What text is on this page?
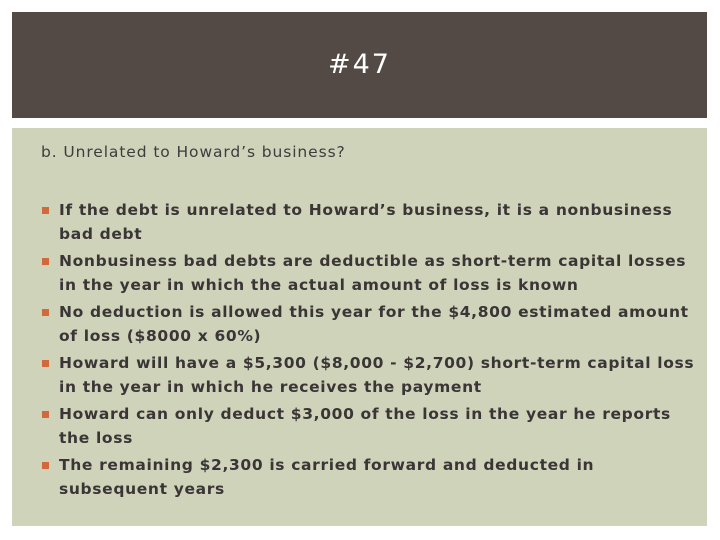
#47
b. Unrelated to Howard’s business?
If the debt is unrelated to Howard’s business, it is a nonbusiness bad debt
Nonbusiness bad debts are deductible as short-term capital losses in the year in which the actual amount of loss is known
No deduction is allowed this year for the $4,800 estimated amount of loss ($8000 x 60%)
Howard will have a $5,300 ($8,000 - $2,700) short-term capital loss in the year in which he receives the payment
Howard can only deduct $3,000 of the loss in the year he reports the loss
The remaining $2,300 is carried forward and deducted in subsequent years
